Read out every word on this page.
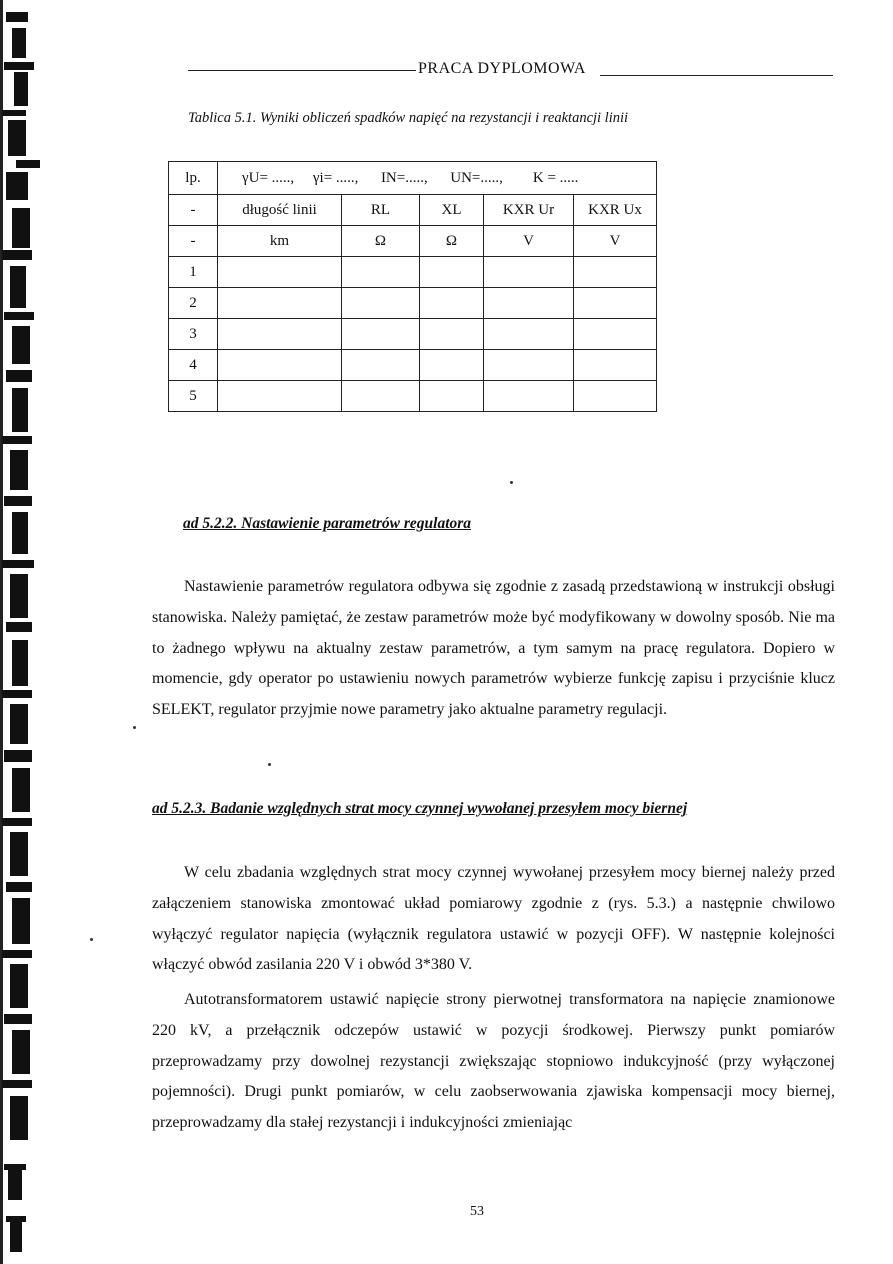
PRACA DYPLOMOWA
Tablica 5.1. Wyniki obliczeń spadków napięć na rezystancji i reaktancji linii
lp.	γU= ....., γi= ....., IN=....., UN=....., K = .....				
-	długość linii	RL	XL	KXR Ur	KXR Ux
-	km	Ω	Ω	V	V
1					
2					
3					
4					
5					
ad 5.2.2. Nastawienie parametrów regulatora
Nastawienie parametrów regulatora odbywa się zgodnie z zasadą przedstawioną w instrukcji obsługi stanowiska. Należy pamiętać, że zestaw parametrów może być modyfikowany w dowolny sposób. Nie ma to żadnego wpływu na aktualny zestaw parametrów, a tym samym na pracę regulatora. Dopiero w momencie, gdy operator po ustawieniu nowych parametrów wybierze funkcję zapisu i przyciśnie klucz SELEKT, regulator przyjmie nowe parametry jako aktualne parametry regulacji.
ad 5.2.3. Badanie względnych strat mocy czynnej wywołanej przesyłem mocy biernej
W celu zbadania względnych strat mocy czynnej wywołanej przesyłem mocy biernej należy przed załączeniem stanowiska zmontować układ pomiarowy zgodnie z (rys. 5.3.) a następnie chwilowo wyłączyć regulator napięcia (wyłącznik regulatora ustawić w pozycji OFF). W następnie kolejności włączyć obwód zasilania 220 V i obwód 3*380 V.
Autotransformatorem ustawić napięcie strony pierwotnej transformatora na napięcie znamionowe 220 kV, a przełącznik odczepów ustawić w pozycji środkowej. Pierwszy punkt pomiarów przeprowadzamy przy dowolnej rezystancji zwiększając stopniowo indukcyjność (przy wyłączonej pojemności). Drugi punkt pomiarów, w celu zaobserwowania zjawiska kompensacji mocy biernej, przeprowadzamy dla stałej rezystancji i indukcyjności zmieniając
53
